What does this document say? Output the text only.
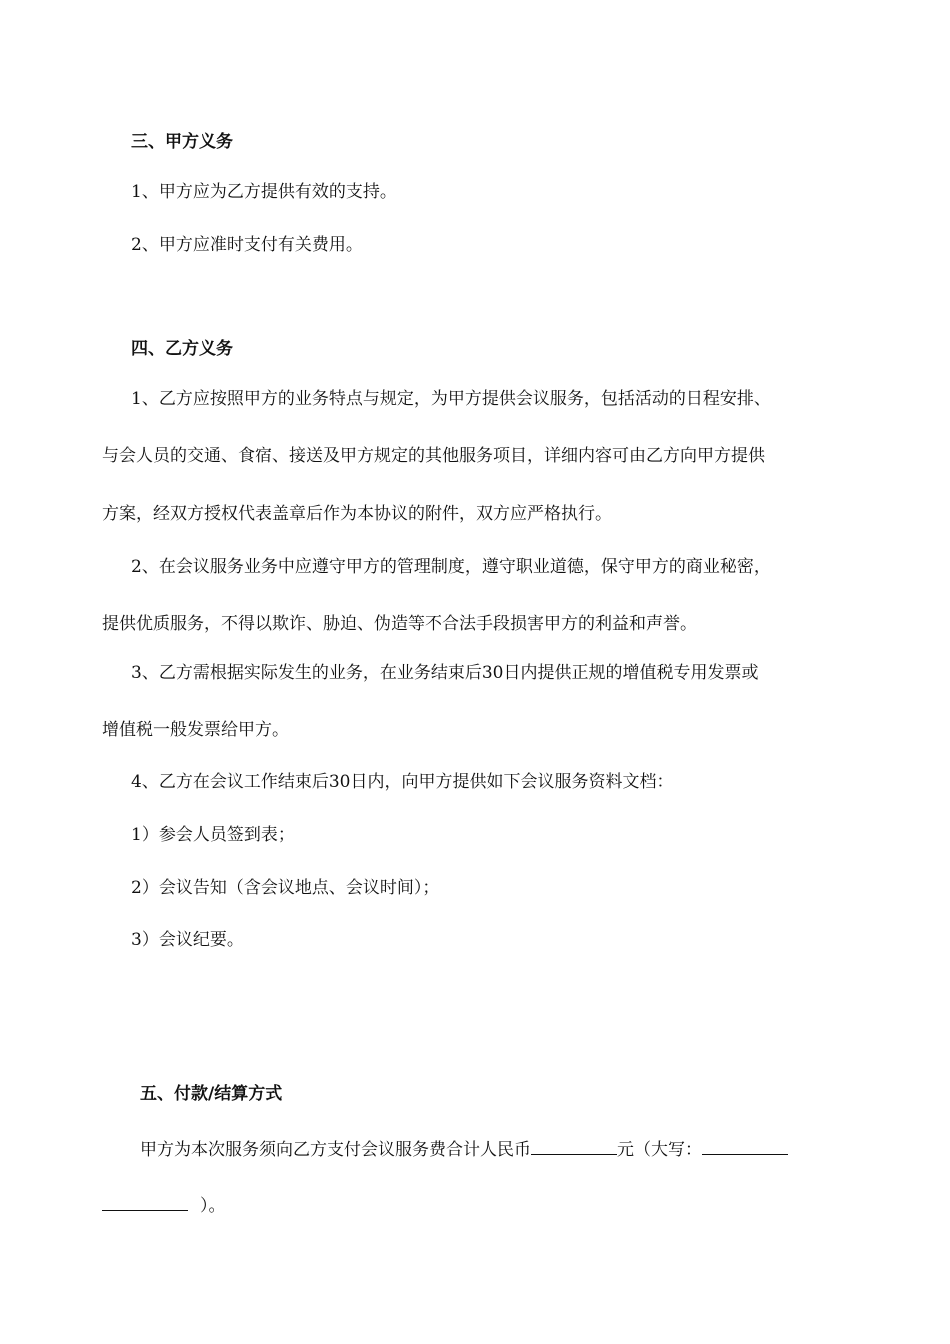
三、甲方义务
1、甲方应为乙方提供有效的支持。
2、甲方应准时支付有关费用。
四、乙方义务
1、乙方应按照甲方的业务特点与规定，为甲方提供会议服务，包括活动的日程安排、
与会人员的交通、食宿、接送及甲方规定的其他服务项目，详细内容可由乙方向甲方提供
方案，经双方授权代表盖章后作为本协议的附件，双方应严格执行。
2、在会议服务业务中应遵守甲方的管理制度，遵守职业道德，保守甲方的商业秘密，
提供优质服务，不得以欺诈、胁迫、伪造等不合法手段损害甲方的利益和声誉。
3、乙方需根据实际发生的业务，在业务结束后30日内提供正规的增值税专用发票或
增值税一般发票给甲方。
4、乙方在会议工作结束后30日内，向甲方提供如下会议服务资料文档：
1）参会人员签到表；
2）会议告知（含会议地点、会议时间）；
3）会议纪要。
五、付款/结算方式
甲方为本次服务须向乙方支付会议服务费合计人民币	元（大写：
）。
